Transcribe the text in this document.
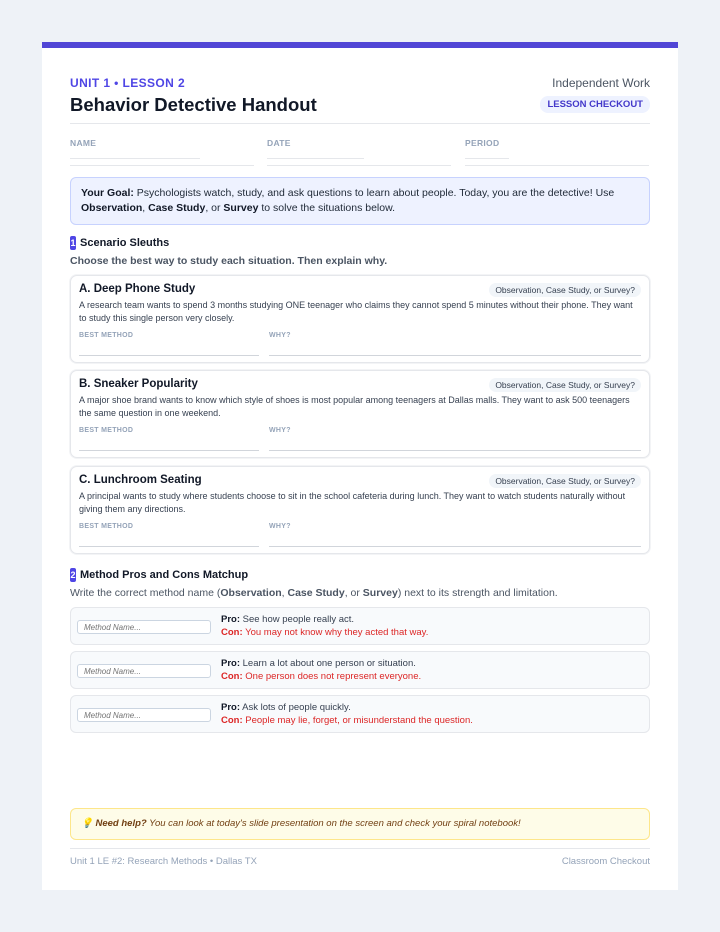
UNIT 1 • LESSON 2
Behavior Detective Handout
Independent Work
LESSON CHECKOUT
NAME	DATE	PERIOD
Your Goal: Psychologists watch, study, and ask questions to learn about people. Today, you are the detective! Use Observation, Case Study, or Survey to solve the situations below.
1 Scenario Sleuths
Choose the best way to study each situation. Then explain why.
A. Deep Phone Study	Observation, Case Study, or Survey?
A research team wants to spend 3 months studying ONE teenager who claims they cannot spend 5 minutes without their phone. They want to study this single person very closely.
BEST METHOD	WHY?
B. Sneaker Popularity	Observation, Case Study, or Survey?
A major shoe brand wants to know which style of shoes is most popular among teenagers at Dallas malls. They want to ask 500 teenagers the same question in one weekend.
BEST METHOD	WHY?
C. Lunchroom Seating	Observation, Case Study, or Survey?
A principal wants to study where students choose to sit in the school cafeteria during lunch. They want to watch students naturally without giving them any directions.
BEST METHOD	WHY?
2 Method Pros and Cons Matchup
Write the correct method name (Observation, Case Study, or Survey) next to its strength and limitation.
Method Name...
Pro: See how people really act.
Con: You may not know why they acted that way.
Method Name...
Pro: Learn a lot about one person or situation.
Con: One person does not represent everyone.
Method Name...
Pro: Ask lots of people quickly.
Con: People may lie, forget, or misunderstand the question.
💡 Need help? You can look at today's slide presentation on the screen and check your spiral notebook!
Unit 1 LE #2: Research Methods • Dallas TX	Classroom Checkout
